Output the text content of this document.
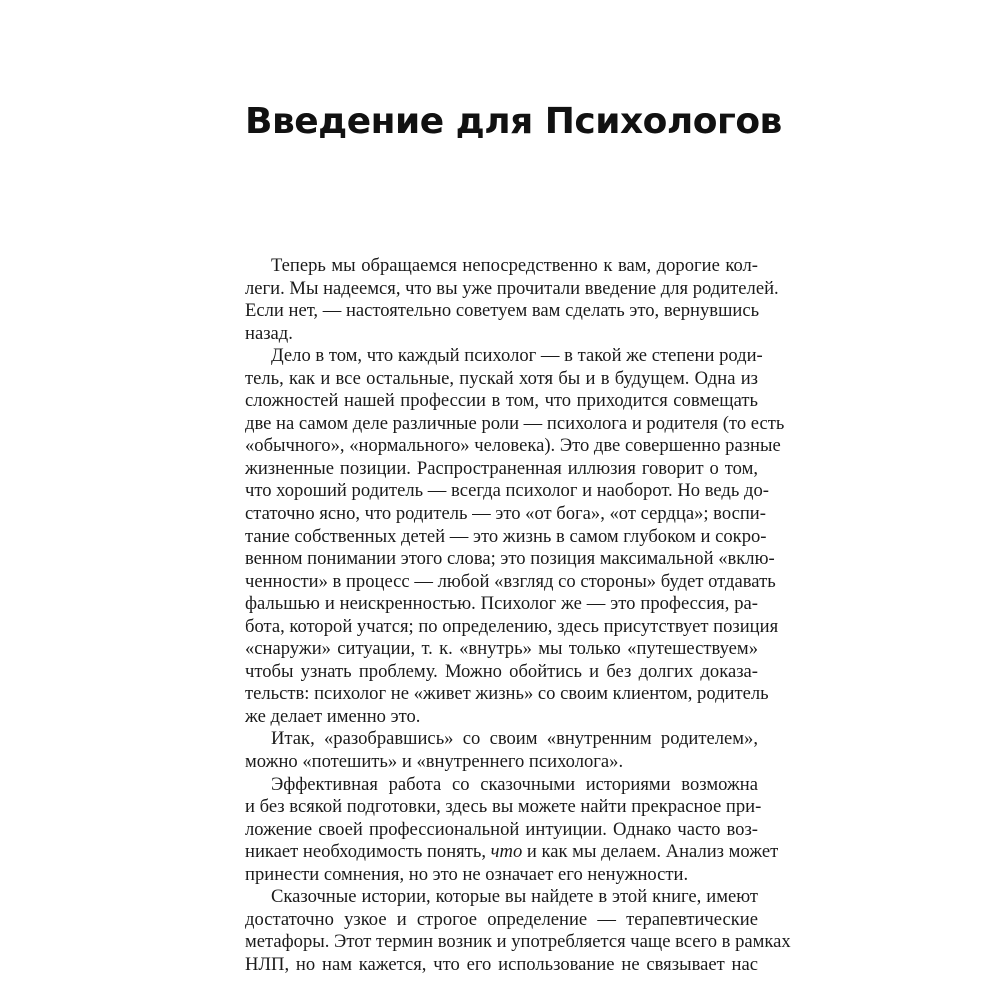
Введение для Психологов
Теперь мы обращаемся непосредственно к вам, дорогие кол-
леги. Мы надеемся, что вы уже прочитали введение для родителей.
Если нет, — настоятельно советуем вам сделать это, вернувшись
назад.
Дело в том, что каждый психолог — в такой же степени роди-
тель, как и все остальные, пускай хотя бы и в будущем. Одна из
сложностей нашей профессии в том, что приходится совмещать
две на самом деле различные роли — психолога и родителя (то есть
«обычного», «нормального» человека). Это две совершенно разные
жизненные позиции. Распространенная иллюзия говорит о том,
что хороший родитель — всегда психолог и наоборот. Но ведь до-
статочно ясно, что родитель — это «от бога», «от сердца»; воспи-
тание собственных детей — это жизнь в самом глубоком и сокро-
венном понимании этого слова; это позиция максимальной «вклю-
ченности» в процесс — любой «взгляд со стороны» будет отдавать
фальшью и неискренностью. Психолог же — это профессия, ра-
бота, которой учатся; по определению, здесь присутствует позиция
«снаружи» ситуации, т. к. «внутрь» мы только «путешествуем»
чтобы узнать проблему. Можно обойтись и без долгих доказа-
тельств: психолог не «живет жизнь» со своим клиентом, родитель
же делает именно это.
Итак, «разобравшись» со своим «внутренним родителем»,
можно «потешить» и «внутреннего психолога».
Эффективная работа со сказочными историями возможна
и без всякой подготовки, здесь вы можете найти прекрасное при-
ложение своей профессиональной интуиции. Однако часто воз-
никает необходимость понять, что и как мы делаем. Анализ может
принести сомнения, но это не означает его ненужности.
Сказочные истории, которые вы найдете в этой книге, имеют
достаточно узкое и строгое определение — терапевтические
метафоры. Этот термин возник и употребляется чаще всего в рамках
НЛП, но нам кажется, что его использование не связывает нас
